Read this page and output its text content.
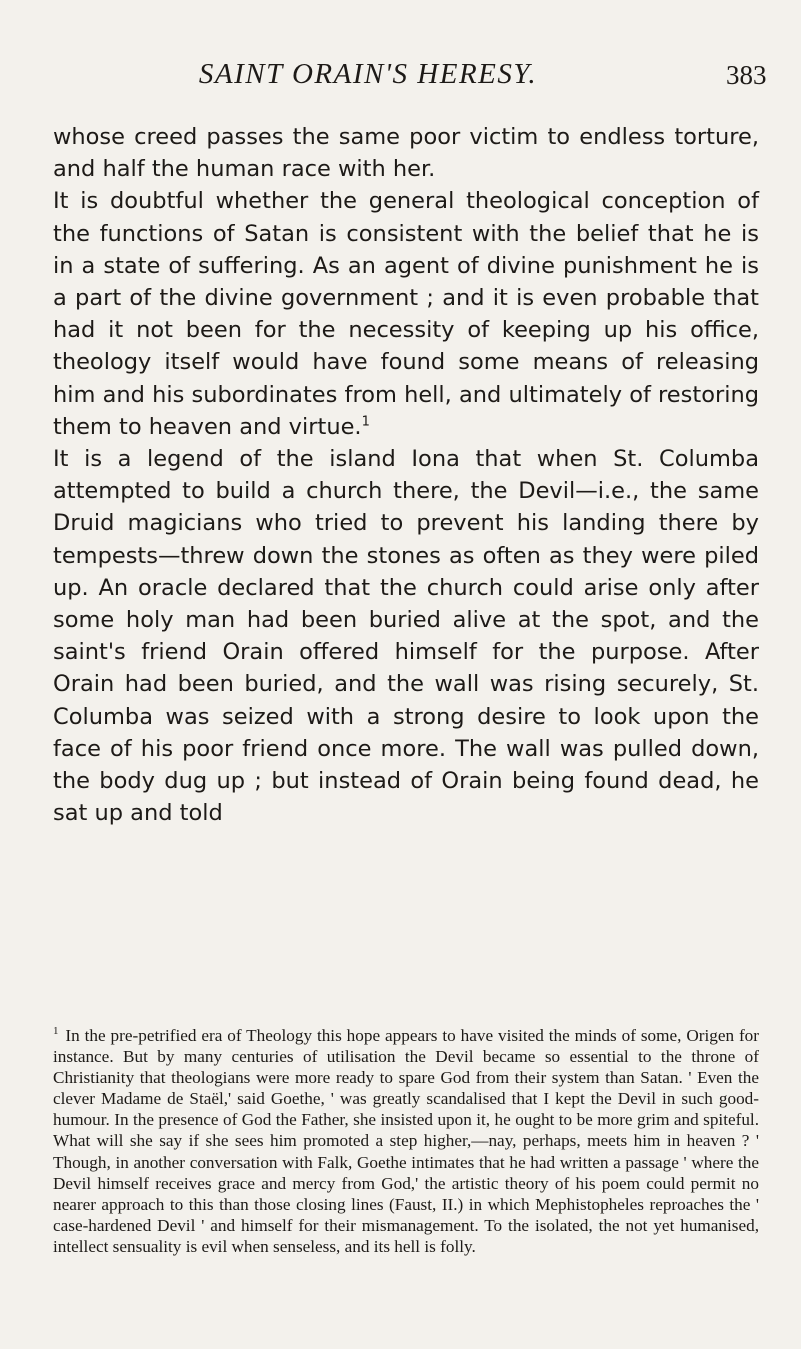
SAINT ORAIN'S HERESY.	383

whose creed passes the same poor victim to endless torture, and half the human race with her.

It is doubtful whether the general theological conception of the functions of Satan is consistent with the belief that he is in a state of suffering. As an agent of divine punishment he is a part of the divine government ; and it is even probable that had it not been for the necessity of keeping up his office, theology itself would have found some means of releasing him and his subordinates from hell, and ultimately of restoring them to heaven and virtue.$^1$

It is a legend of the island Iona that when St. Columba attempted to build a church there, the Devil—i.e., the same Druid magicians who tried to prevent his landing there by tempests—threw down the stones as often as they were piled up. An oracle declared that the church could arise only after some holy man had been buried alive at the spot, and the saint's friend Orain offered himself for the purpose. After Orain had been buried, and the wall was rising securely, St. Columba was seized with a strong desire to look upon the face of his poor friend once more. The wall was pulled down, the body dug up ; but instead of Orain being found dead, he sat up and told

$^1$ In the pre-petrified era of Theology this hope appears to have visited the minds of some, Origen for instance. But by many centuries of utilisation the Devil became so essential to the throne of Christianity that theologians were more ready to spare God from their system than Satan. ' Even the clever Madame de Staël,' said Goethe, ' was greatly scandalised that I kept the Devil in such good-humour. In the presence of God the Father, she insisted upon it, he ought to be more grim and spiteful. What will she say if she sees him promoted a step higher,—nay, perhaps, meets him in heaven ? ' Though, in another conversation with Falk, Goethe intimates that he had written a passage ' where the Devil himself receives grace and mercy from God,' the artistic theory of his poem could permit no nearer approach to this than those closing lines (Faust, II.) in which Mephistopheles reproaches the ' case-hardened Devil ' and himself for their mismanagement. To the isolated, the not yet humanised, intellect sensuality is evil when senseless, and its hell is folly.
